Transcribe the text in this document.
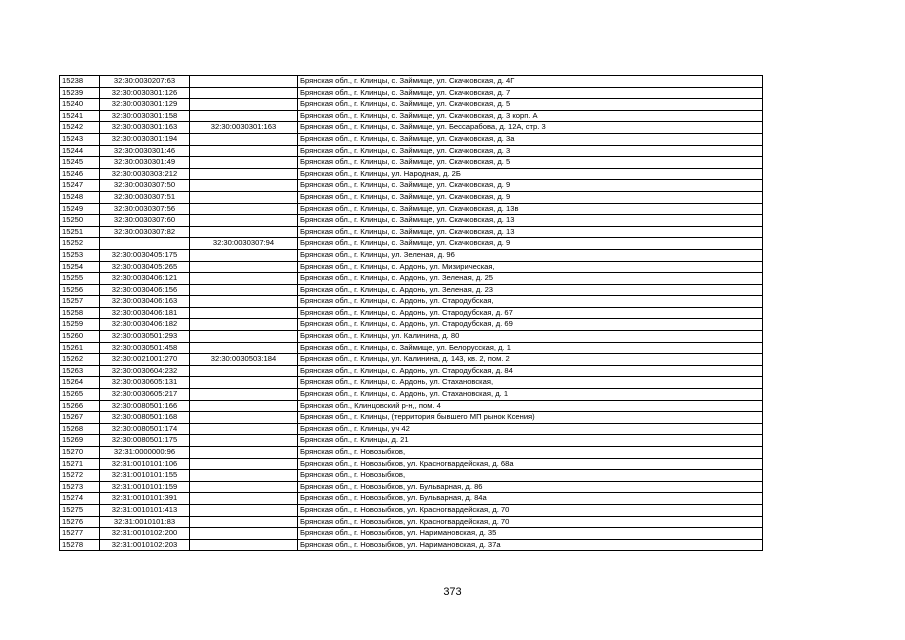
15238	32:30:0030207:63		Брянская обл., г. Клинцы, с. Займище, ул. Скачковская, д. 4Г
15239	32:30:0030301:126		Брянская обл., г. Клинцы, с. Займище, ул. Скачковская, д. 7
15240	32:30:0030301:129		Брянская обл., г. Клинцы, с. Займище, ул. Скачковская, д. 5
15241	32:30:0030301:158		Брянская обл., г. Клинцы, с. Займище, ул. Скачковская, д. 3 корп. А
15242	32:30:0030301:163	32:30:0030301:163	Брянская обл., г. Клинцы, с. Займище, ул. Бессарабова, д. 12А, стр. 3
15243	32:30:0030301:194		Брянская обл., г. Клинцы, с. Займище, ул. Скачковская, д. 3а
15244	32:30:0030301:46		Брянская обл., г. Клинцы, с. Займище, ул. Скачковская, д. 3
15245	32:30:0030301:49		Брянская обл., г. Клинцы, с. Займище, ул. Скачковская, д. 5
15246	32:30:0030303:212		Брянская обл., г. Клинцы, ул. Народная, д. 2Б
15247	32:30:0030307:50		Брянская обл., г. Клинцы, с. Займище, ул. Скачковская, д. 9
15248	32:30:0030307:51		Брянская обл., г. Клинцы, с. Займище, ул. Скачковская, д. 9
15249	32:30:0030307:56		Брянская обл., г. Клинцы, с. Займище, ул. Скачковская, д. 13в
15250	32:30:0030307:60		Брянская обл., г. Клинцы, с. Займище, ул. Скачковская, д. 13
15251	32:30:0030307:82		Брянская обл., г. Клинцы, с. Займище, ул. Скачковская, д. 13
15252		32:30:0030307:94	Брянская обл., г. Клинцы, с. Займище, ул. Скачковская, д. 9
15253	32:30:0030405:175		Брянская обл., г. Клинцы, ул. Зеленая, д. 96
15254	32:30:0030405:265		Брянская обл., г. Клинцы, с. Ардонь, ул. Мизирическая,
15255	32:30:0030406:121		Брянская обл., г. Клинцы, с. Ардонь, ул. Зеленая, д. 25
15256	32:30:0030406:156		Брянская обл., г. Клинцы, с. Ардонь, ул. Зеленая, д. 23
15257	32:30:0030406:163		Брянская обл., г. Клинцы, с. Ардонь, ул. Стародубская,
15258	32:30:0030406:181		Брянская обл., г. Клинцы, с. Ардонь, ул. Стародубская, д. 67
15259	32:30:0030406:182		Брянская обл., г. Клинцы, с. Ардонь, ул. Стародубская, д. 69
15260	32:30:0030501:293		Брянская обл., г. Клинцы, ул. Калинина, д. 80
15261	32:30:0030501:458		Брянская обл., г. Клинцы, с. Займище, ул. Белорусская, д. 1
15262	32:30:0021001:270	32:30:0030503:184	Брянская обл., г. Клинцы, ул. Калинина, д. 143, кв. 2, пом. 2
15263	32:30:0030604:232		Брянская обл., г. Клинцы, с. Ардонь, ул. Стародубская, д. 84
15264	32:30:0030605:131		Брянская обл., г. Клинцы, с. Ардонь, ул. Стахановская,
15265	32:30:0030605:217		Брянская обл., г. Клинцы, с. Ардонь, ул. Стахановская, д. 1
15266	32:30:0080501:166		Брянская обл., Клинцовский р-н,, пом. 4
15267	32:30:0080501:168		Брянская обл., г. Клинцы, (территория бывшего МП рынок Ксения)
15268	32:30:0080501:174		Брянская обл., г. Клинцы, уч 42
15269	32:30:0080501:175		Брянская обл., г. Клинцы, д. 21
15270	32:31:0000000:96		Брянская обл., г. Новозыбков,
15271	32:31:0010101:106		Брянская обл., г. Новозыбков, ул. Красногвардейская, д. 68а
15272	32:31:0010101:155		Брянская обл., г. Новозыбков,
15273	32:31:0010101:159		Брянская обл., г. Новозыбков, ул. Бульварная, д. 86
15274	32:31:0010101:391		Брянская обл., г. Новозыбков, ул. Бульварная, д. 84а
15275	32:31:0010101:413		Брянская обл., г. Новозыбков, ул. Красногвардейская, д. 70
15276	32:31:0010101:83		Брянская обл., г. Новозыбков, ул. Красногвардейская, д. 70
15277	32:31:0010102:200		Брянская обл., г. Новозыбков, ул. Наримановская, д. 35
15278	32:31:0010102:203		Брянская обл., г. Новозыбков, ул. Наримановская, д. 37а
373
